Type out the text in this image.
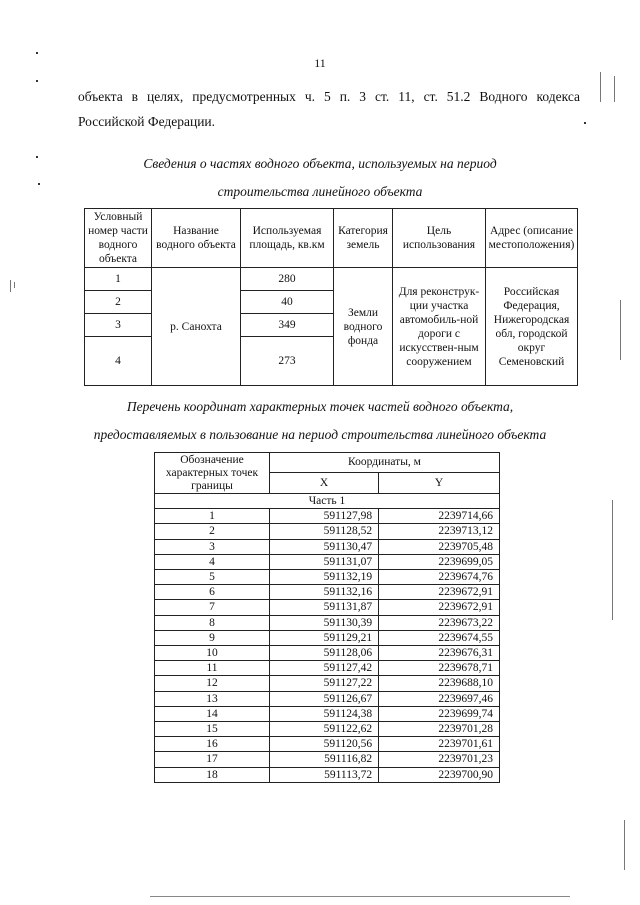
11
объекта в целях, предусмотренных ч. 5 п. 3 ст. 11, ст. 51.2 Водного кодекса
Российской Федерации.
Сведения о частях водного объекта, используемых на период
строительства линейного объекта
Условный номер части водного объекта	Название водного объекта	Используемая площадь, кв.км	Категория земель	Цель использования	Адрес (описание местоположения)
1	р. Санохта	280	Земли водного фонда	Для реконструк-ции участка автомобиль-ной дороги с искусствен-ным сооружением	Российская Федерация, Нижегородская обл, городской округ Семеновский
2		40			
3		349			
4		273			
Перечень координат характерных точек частей водного объекта,
предоставляемых в пользование на период строительства линейного объекта
Обозначение характерных точек границы	Координаты, м	
	X	Y
Часть 1		
1	591127,98	2239714,66
2	591128,52	2239713,12
3	591130,47	2239705,48
4	591131,07	2239699,05
5	591132,19	2239674,76
6	591132,16	2239672,91
7	591131,87	2239672,91
8	591130,39	2239673,22
9	591129,21	2239674,55
10	591128,06	2239676,31
11	591127,42	2239678,71
12	591127,22	2239688,10
13	591126,67	2239697,46
14	591124,38	2239699,74
15	591122,62	2239701,28
16	591120,56	2239701,61
17	591116,82	2239701,23
18	591113,72	2239700,90
